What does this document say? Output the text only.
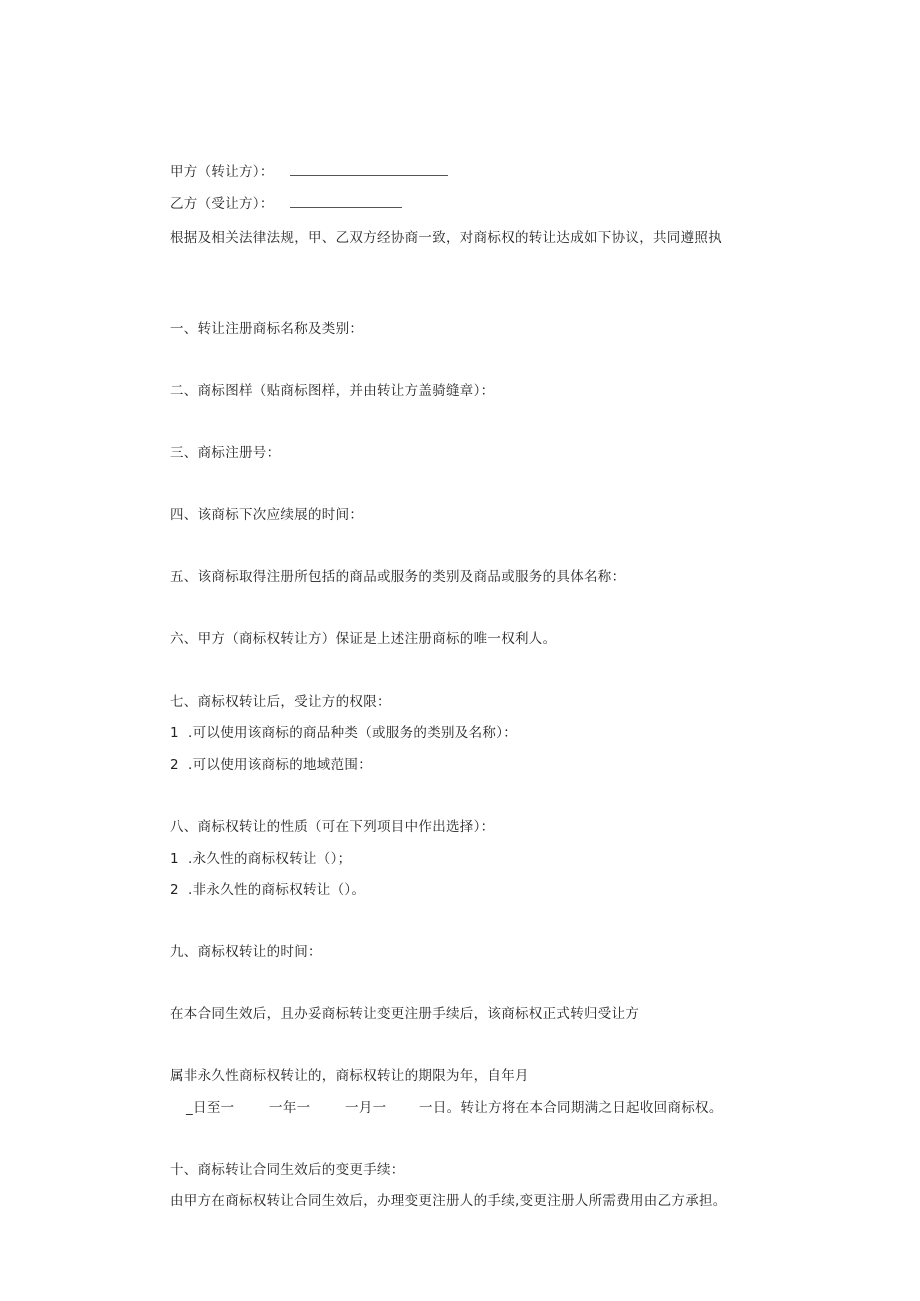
甲方（转让方）：
乙方（受让方）：
根据及相关法律法规，甲、乙双方经协商一致，对商标权的转让达成如下协议，共同遵照执
一、转让注册商标名称及类别：
二、商标图样（贴商标图样，并由转让方盖骑缝章）：
三、商标注册号：
四、该商标下次应续展的时间：
五、该商标取得注册所包括的商品或服务的类别及商品或服务的具体名称：
六、甲方（商标权转让方）保证是上述注册商标的唯一权利人。
七、商标权转让后，受让方的权限：
1 .可以使用该商标的商品种类（或服务的类别及名称）：
2 .可以使用该商标的地域范围：
八、商标权转让的性质（可在下列项目中作出选择）：
1 .永久性的商标权转让（）；
2 .非永久性的商标权转让（）。
九、商标权转让的时间：
在本合同生效后，且办妥商标转让变更注册手续后，该商标权正式转归受让方
属非永久性商标权转让的，商标权转让的期限为年，自年月
_日至一	一年一	一月一 一日。转让方将在本合同期满之日起收回商标权。
十、商标转让合同生效后的变更手续：
由甲方在商标权转让合同生效后，办理变更注册人的手续,变更注册人所需费用由乙方承担。
